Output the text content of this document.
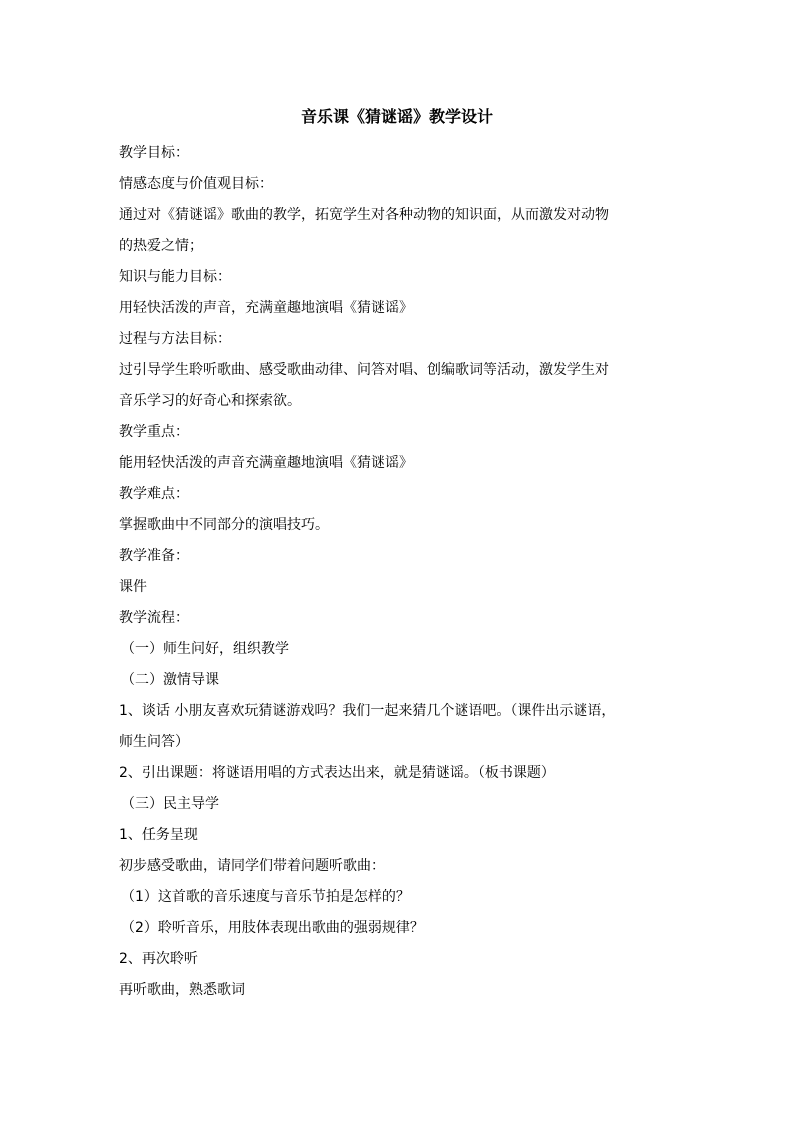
音乐课《猜谜谣》教学设计
教学目标：
情感态度与价值观目标：
通过对《猜谜谣》歌曲的教学，拓宽学生对各种动物的知识面，从而激发对动物
的热爱之情；
知识与能力目标：
用轻快活泼的声音，充满童趣地演唱《猜谜谣》
过程与方法目标：
过引导学生聆听歌曲、感受歌曲动律、问答对唱、创编歌词等活动，激发学生对
音乐学习的好奇心和探索欲。
教学重点：
能用轻快活泼的声音充满童趣地演唱《猜谜谣》
教学难点：
掌握歌曲中不同部分的演唱技巧。
教学准备：
课件
教学流程：
（一）师生问好，组织教学
（二）激情导课
1、谈话 小朋友喜欢玩猜谜游戏吗？我们一起来猜几个谜语吧。（课件出示谜语，
师生问答）
2、引出课题：将谜语用唱的方式表达出来，就是猜谜谣。（板书课题）
（三）民主导学
1、任务呈现
初步感受歌曲，请同学们带着问题听歌曲：
（1）这首歌的音乐速度与音乐节拍是怎样的？
（2）聆听音乐，用肢体表现出歌曲的强弱规律？
2、再次聆听
再听歌曲，熟悉歌词
